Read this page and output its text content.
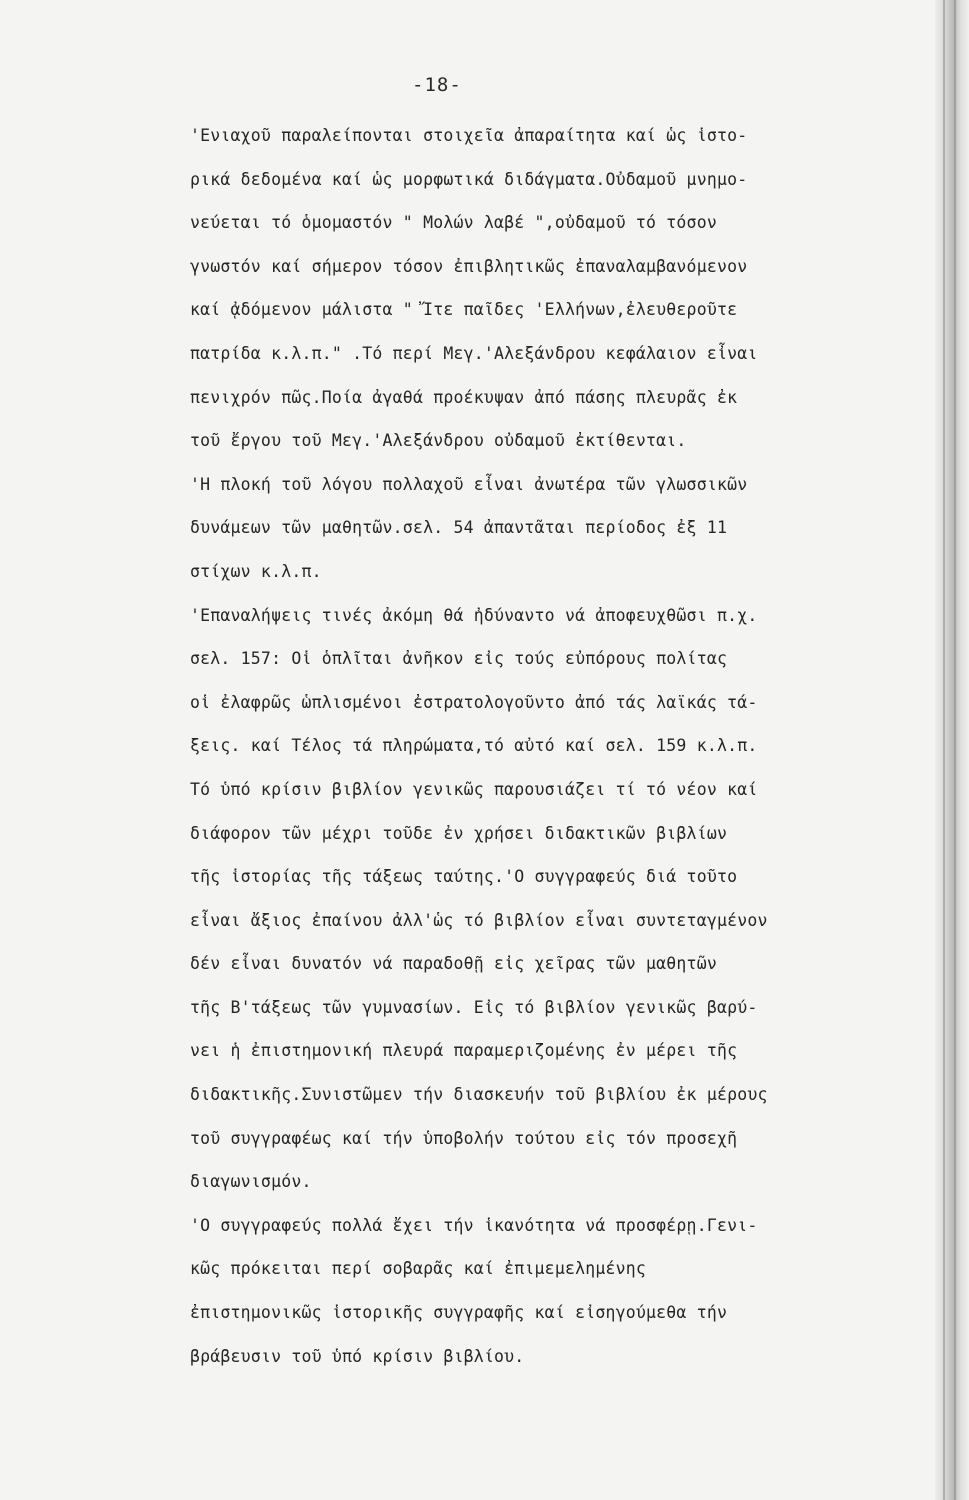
-18-
'Ενιαχοῦ παραλείπονται στοιχεῖα ἀπαραίτητα καί ὡς ἱστο-
ρικά δεδομένα καί ὡς μορφωτικά διδάγματα.Οὐδαμοῦ μνημο-
νεύεται τό ὁμομαστόν " Μολών λαβέ ",οὐδαμοῦ τό τόσον
γνωστόν καί σήμερον τόσον ἐπιβλητικῶς ἐπαναλαμβανόμενον
καί ᾀδόμενον μάλιστα " Ἴτε παῖδες 'Ελλήνων,ἐλευθεροῦτε
πατρίδα κ.λ.π." .Τό περί Μεγ.'Αλεξάνδρου κεφάλαιον εἶναι
πενιχρόν πῶς.Ποία ἀγαθά προέκυψαν ἀπό πάσης πλευρᾶς ἐκ
τοῦ ἔργου τοῦ Μεγ.'Αλεξάνδρου οὐδαμοῦ ἐκτίθενται.
'Η πλοκή τοῦ λόγου πολλαχοῦ εἶναι ἀνωτέρα τῶν γλωσσικῶν
δυνάμεων τῶν μαθητῶν.σελ. 54 ἀπαντᾶται περίοδος ἐξ 11
στίχων κ.λ.π.
'Επαναλήψεις τινές ἀκόμη θά ἠδύναντο νά ἀποφευχθῶσι π.χ.
σελ. 157: Οἱ ὁπλῖται ἀνῆκον εἰς τούς εὐπόρους πολίτας
οἱ ἐλαφρῶς ὡπλισμένοι ἐστρατολογοῦντο ἀπό τάς λαϊκάς τά-
ξεις. καί Τέλος τά πληρώματα,τό αὐτό καί σελ. 159 κ.λ.π.
Τό ὑπό κρίσιν βιβλίον γενικῶς παρουσιάζει τί τό νέον καί
διάφορον τῶν μέχρι τοῦδε ἐν χρήσει διδακτικῶν βιβλίων
τῆς ἱστορίας τῆς τάξεως ταύτης.'Ο συγγραφεύς διά τοῦτο
εἶναι ἄξιος ἐπαίνου ἀλλ'ὡς τό βιβλίον εἶναι συντεταγμένον
δέν εἶναι δυνατόν νά παραδοθῇ εἰς χεῖρας τῶν μαθητῶν
τῆς Β'τάξεως τῶν γυμνασίων. Εἰς τό βιβλίον γενικῶς βαρύ-
νει ἡ ἐπιστημονική πλευρά παραμεριζομένης ἐν μέρει τῆς
διδακτικῆς.Συνιστῶμεν τήν διασκευήν τοῦ βιβλίου ἐκ μέρους
τοῦ συγγραφέως καί τήν ὑποβολήν τούτου εἰς τόν προσεχῆ
διαγωνισμόν.
'Ο συγγραφεύς πολλά ἔχει τήν ἱκανότητα νά προσφέρῃ.Γενι-
κῶς πρόκειται περί σοβαρᾶς καί ἐπιμεμελημένης
ἐπιστημονικῶς ἱστορικῆς συγγραφῆς καί εἰσηγούμεθα τήν
βράβευσιν τοῦ ὑπό κρίσιν βιβλίου.
